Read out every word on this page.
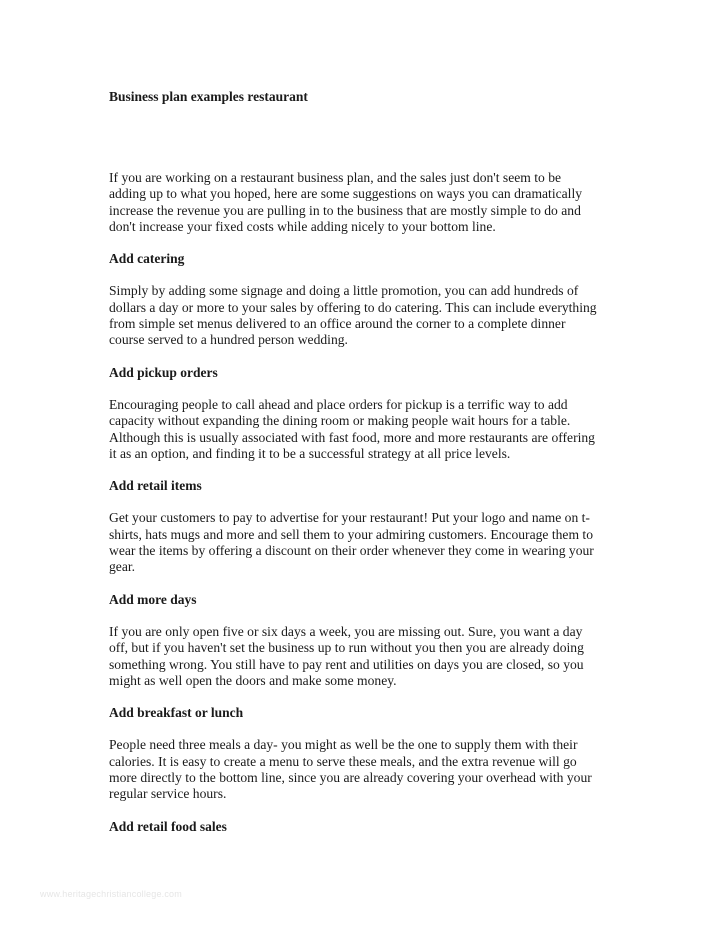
Business plan examples restaurant

If you are working on a restaurant business plan, and the sales just don't seem to be
adding up to what you hoped, here are some suggestions on ways you can dramatically
increase the revenue you are pulling in to the business that are mostly simple to do and
don't increase your fixed costs while adding nicely to your bottom line.

Add catering

Simply by adding some signage and doing a little promotion, you can add hundreds of
dollars a day or more to your sales by offering to do catering. This can include everything
from simple set menus delivered to an office around the corner to a complete dinner
course served to a hundred person wedding.

Add pickup orders

Encouraging people to call ahead and place orders for pickup is a terrific way to add
capacity without expanding the dining room or making people wait hours for a table.
Although this is usually associated with fast food, more and more restaurants are offering
it as an option, and finding it to be a successful strategy at all price levels.

Add retail items

Get your customers to pay to advertise for your restaurant! Put your logo and name on t-
shirts, hats mugs and more and sell them to your admiring customers. Encourage them to
wear the items by offering a discount on their order whenever they come in wearing your
gear.

Add more days

If you are only open five or six days a week, you are missing out. Sure, you want a day
off, but if you haven't set the business up to run without you then you are already doing
something wrong. You still have to pay rent and utilities on days you are closed, so you
might as well open the doors and make some money.

Add breakfast or lunch

People need three meals a day- you might as well be the one to supply them with their
calories. It is easy to create a menu to serve these meals, and the extra revenue will go
more directly to the bottom line, since you are already covering your overhead with your
regular service hours.

Add retail food sales

www.heritagechristiancollege.com
